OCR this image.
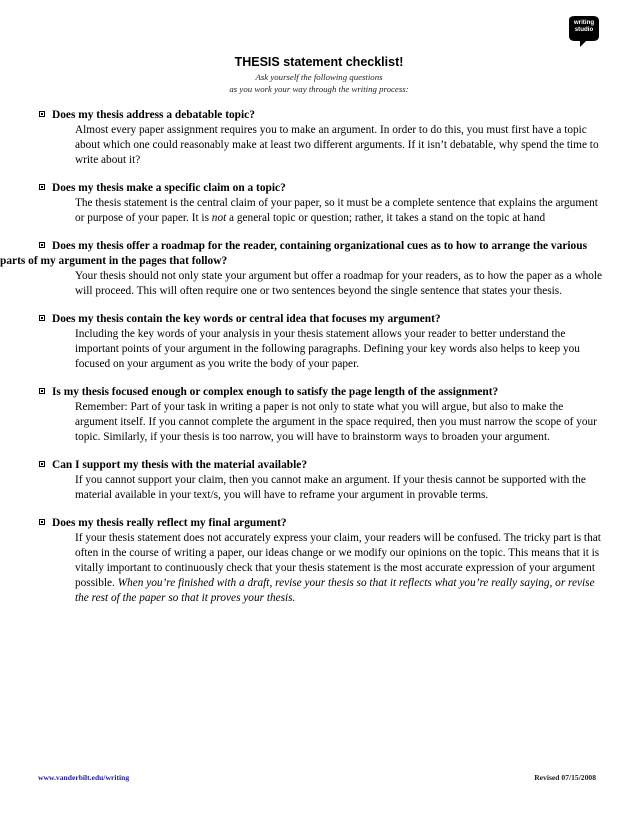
writing
studio
THESIS statement checklist!
Ask yourself the following questions
as you work your way through the writing process:

Does my thesis address a debatable topic?

Almost every paper assignment requires you to make an argument. In order to do this, you must first have a topic about which one could reasonably make at least two different arguments. If it isn’t debatable, why spend the time to write about it?

Does my thesis make a specific claim on a topic?

The thesis statement is the central claim of your paper, so it must be a complete sentence that explains the argument or purpose of your paper. It is not a general topic or question; rather, it takes a stand on the topic at hand

Does my thesis offer a roadmap for the reader, containing organizational cues as to how to arrange the various parts of my argument in the pages that follow?

Your thesis should not only state your argument but offer a roadmap for your readers, as to how the paper as a whole will proceed. This will often require one or two sentences beyond the single sentence that states your thesis.

Does my thesis contain the key words or central idea that focuses my argument?

Including the key words of your analysis in your thesis statement allows your reader to better understand the important points of your argument in the following paragraphs. Defining your key words also helps to keep you focused on your argument as you write the body of your paper.

Is my thesis focused enough or complex enough to satisfy the page length of the assignment?

Remember: Part of your task in writing a paper is not only to state what you will argue, but also to make the argument itself. If you cannot complete the argument in the space required, then you must narrow the scope of your topic. Similarly, if your thesis is too narrow, you will have to brainstorm ways to broaden your argument.

Can I support my thesis with the material available?

If you cannot support your claim, then you cannot make an argument. If your thesis cannot be supported with the material available in your text/s, you will have to reframe your argument in provable terms.

Does my thesis really reflect my final argument?

If your thesis statement does not accurately express your claim, your readers will be confused. The tricky part is that often in the course of writing a paper, our ideas change or we modify our opinions on the topic. This means that it is vitally important to continuously check that your thesis statement is the most accurate expression of your argument possible. When you’re finished with a draft, revise your thesis so that it reflects what you’re really saying, or revise the rest of the paper so that it proves your thesis.

www.vanderbilt.edu/writing	Revised 07/15/2008
